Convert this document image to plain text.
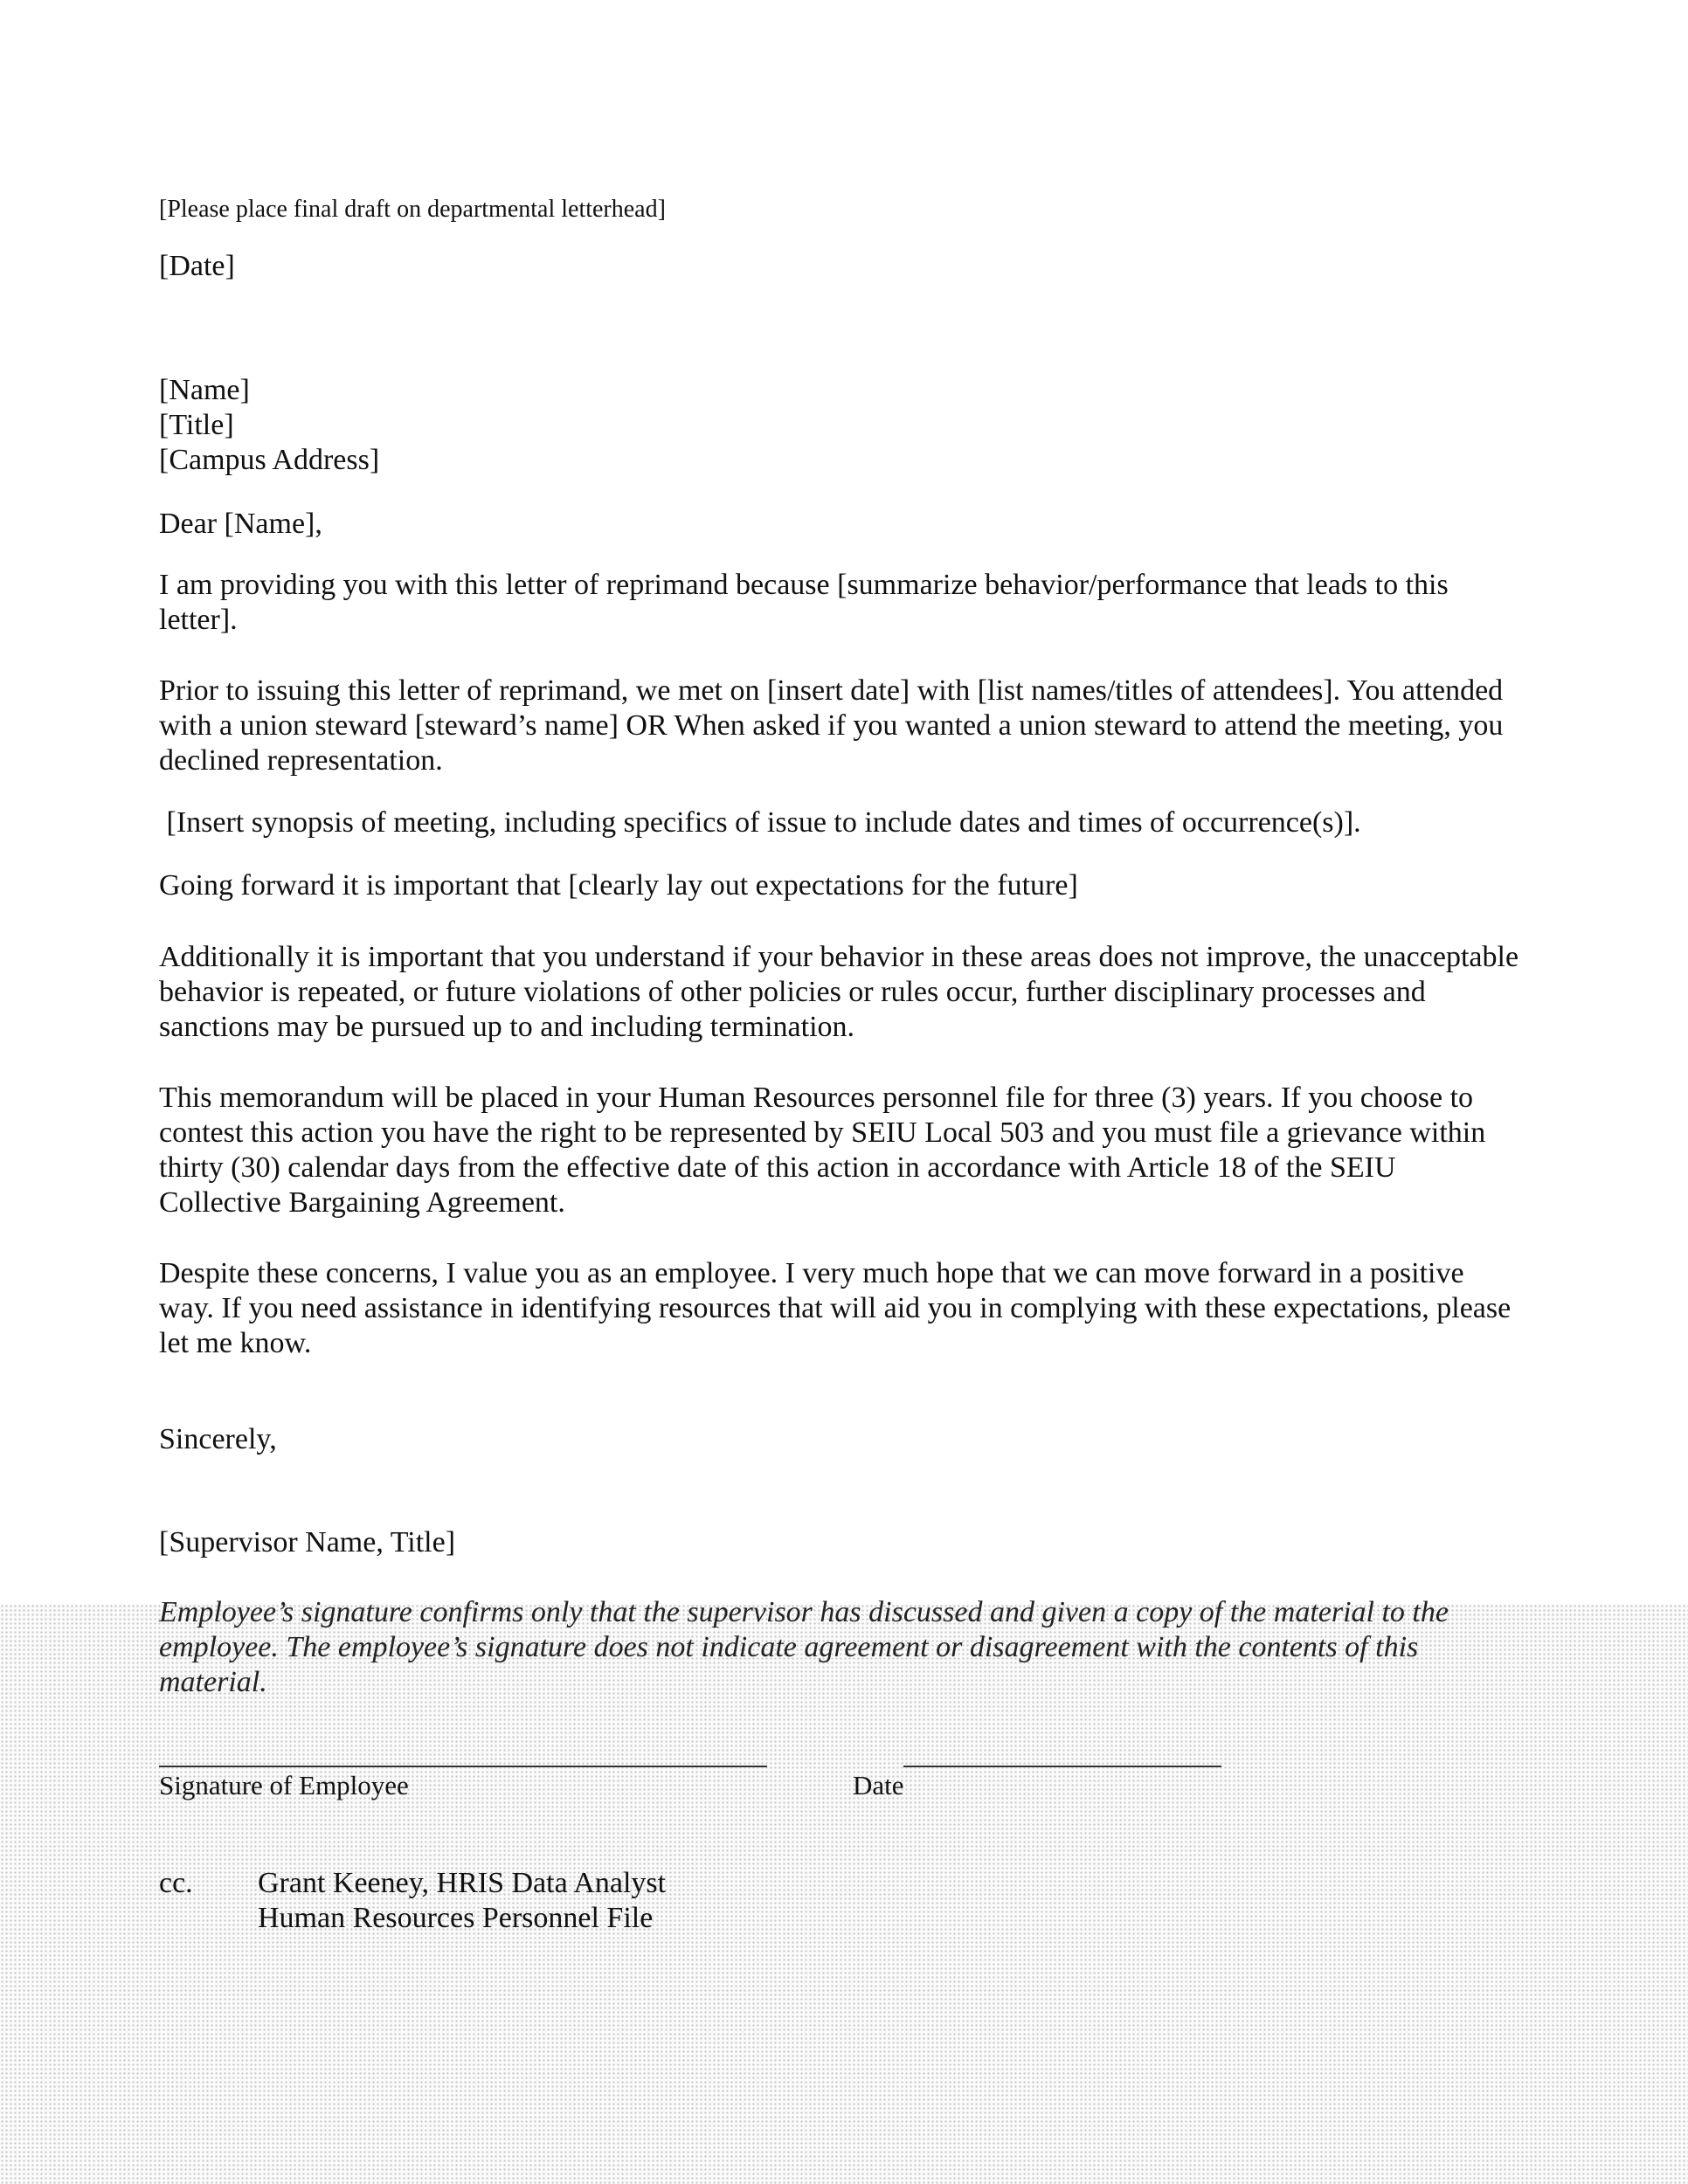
[Please place final draft on departmental letterhead]

[Date]

[Name]

[Title]

[Campus Address]

Dear [Name],

I am providing you with this letter of reprimand because [summarize behavior/performance that leads to this letter].

Prior to issuing this letter of reprimand, we met on [insert date] with [list names/titles of attendees]. You attended with a union steward [steward’s name] OR When asked if you wanted a union steward to attend the meeting, you declined representation.

[Insert synopsis of meeting, including specifics of issue to include dates and times of occurrence(s)].

Going forward it is important that [clearly lay out expectations for the future]

Additionally it is important that you understand if your behavior in these areas does not improve, the unacceptable behavior is repeated, or future violations of other policies or rules occur, further disciplinary processes and sanctions may be pursued up to and including termination.

This memorandum will be placed in your Human Resources personnel file for three (3) years. If you choose to contest this action you have the right to be represented by SEIU Local 503 and you must file a grievance within thirty (30) calendar days from the effective date of this action in accordance with Article 18 of the SEIU Collective Bargaining Agreement.

Despite these concerns, I value you as an employee. I very much hope that we can move forward in a positive way. If you need assistance in identifying resources that will aid you in complying with these expectations, please let me know.

Sincerely,

[Supervisor Name, Title]

Employee’s signature confirms only that the supervisor has discussed and given a copy of the material to the employee. The employee’s signature does not indicate agreement or disagreement with the contents of this material.

Signature of Employee	Date
cc. Grant Keeney, HRIS Data Analyst
Human Resources Personnel File
